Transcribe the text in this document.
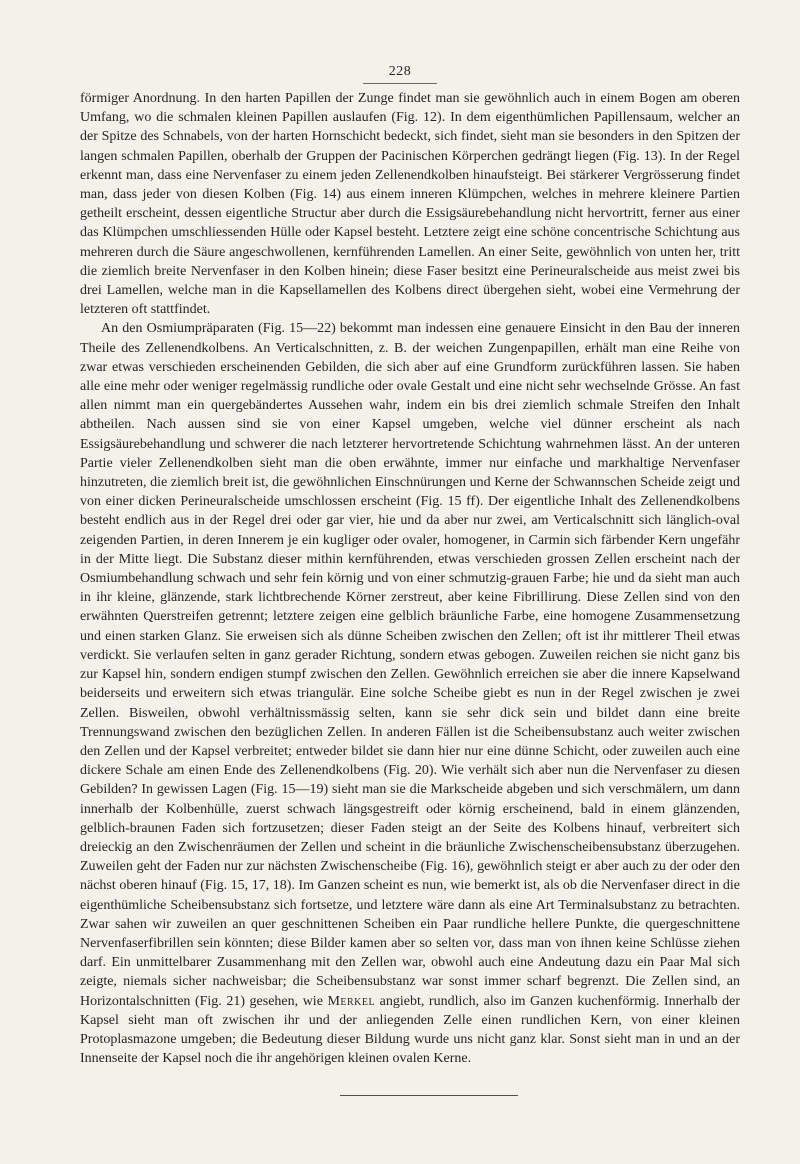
228

förmiger Anordnung. In den harten Papillen der Zunge findet man sie gewöhnlich auch in einem Bogen am oberen Umfang, wo die schmalen kleinen Papillen auslaufen (Fig. 12). In dem eigenthümlichen Papillensaum, welcher an der Spitze des Schnabels, von der harten Hornschicht bedeckt, sich findet, sieht man sie besonders in den Spitzen der langen schmalen Papillen, oberhalb der Gruppen der Pacinischen Körperchen gedrängt liegen (Fig. 13). In der Regel erkennt man, dass eine Nervenfaser zu einem jeden Zellenendkolben hinaufsteigt. Bei stärkerer Vergrösserung findet man, dass jeder von diesen Kolben (Fig. 14) aus einem inneren Klümpchen, welches in mehrere kleinere Partien getheilt erscheint, dessen eigentliche Structur aber durch die Essigsäurebehandlung nicht hervortritt, ferner aus einer das Klümpchen umschliessenden Hülle oder Kapsel besteht. Letztere zeigt eine schöne concentrische Schichtung aus mehreren durch die Säure angeschwollenen, kernführenden Lamellen. An einer Seite, gewöhnlich von unten her, tritt die ziemlich breite Nervenfaser in den Kolben hinein; diese Faser besitzt eine Perineuralscheide aus meist zwei bis drei Lamellen, welche man in die Kapsellamellen des Kolbens direct übergehen sieht, wobei eine Vermehrung der letzteren oft stattfindet.

An den Osmiumpräparaten (Fig. 15—22) bekommt man indessen eine genauere Einsicht in den Bau der inneren Theile des Zellenendkolbens. An Verticalschnitten, z. B. der weichen Zungenpapillen, erhält man eine Reihe von zwar etwas verschieden erscheinenden Gebilden, die sich aber auf eine Grundform zurückführen lassen. Sie haben alle eine mehr oder weniger regelmässig rundliche oder ovale Gestalt und eine nicht sehr wechselnde Grösse. An fast allen nimmt man ein quergebändertes Aussehen wahr, indem ein bis drei ziemlich schmale Streifen den Inhalt abtheilen. Nach aussen sind sie von einer Kapsel umgeben, welche viel dünner erscheint als nach Essigsäurebehandlung und schwerer die nach letzterer hervortretende Schichtung wahrnehmen lässt. An der unteren Partie vieler Zellenendkolben sieht man die oben erwähnte, immer nur einfache und markhaltige Nervenfaser hinzutreten, die ziemlich breit ist, die gewöhnlichen Einschnürungen und Kerne der Schwannschen Scheide zeigt und von einer dicken Perineuralscheide umschlossen erscheint (Fig. 15 ff). Der eigentliche Inhalt des Zellenendkolbens besteht endlich aus in der Regel drei oder gar vier, hie und da aber nur zwei, am Verticalschnitt sich länglich-oval zeigenden Partien, in deren Innerem je ein kugliger oder ovaler, homogener, in Carmin sich färbender Kern ungefähr in der Mitte liegt. Die Substanz dieser mithin kernführenden, etwas verschieden grossen Zellen erscheint nach der Osmiumbehandlung schwach und sehr fein körnig und von einer schmutzig-grauen Farbe; hie und da sieht man auch in ihr kleine, glänzende, stark lichtbrechende Körner zerstreut, aber keine Fibrillirung. Diese Zellen sind von den erwähnten Querstreifen getrennt; letztere zeigen eine gelblich bräunliche Farbe, eine homogene Zusammensetzung und einen starken Glanz. Sie erweisen sich als dünne Scheiben zwischen den Zellen; oft ist ihr mittlerer Theil etwas verdickt. Sie verlaufen selten in ganz gerader Richtung, sondern etwas gebogen. Zuweilen reichen sie nicht ganz bis zur Kapsel hin, sondern endigen stumpf zwischen den Zellen. Gewöhnlich erreichen sie aber die innere Kapselwand beiderseits und erweitern sich etwas triangulär. Eine solche Scheibe giebt es nun in der Regel zwischen je zwei Zellen. Bisweilen, obwohl verhältnissmässig selten, kann sie sehr dick sein und bildet dann eine breite Trennungswand zwischen den bezüglichen Zellen. In anderen Fällen ist die Scheibensubstanz auch weiter zwischen den Zellen und der Kapsel verbreitet; entweder bildet sie dann hier nur eine dünne Schicht, oder zuweilen auch eine dickere Schale am einen Ende des Zellenendkolbens (Fig. 20). Wie verhält sich aber nun die Nervenfaser zu diesen Gebilden? In gewissen Lagen (Fig. 15—19) sieht man sie die Markscheide abgeben und sich verschmälern, um dann innerhalb der Kolbenhülle, zuerst schwach längsgestreift oder körnig erscheinend, bald in einem glänzenden, gelblich-braunen Faden sich fortzusetzen; dieser Faden steigt an der Seite des Kolbens hinauf, verbreitert sich dreieckig an den Zwischenräumen der Zellen und scheint in die bräunliche Zwischenscheibensubstanz überzugehen. Zuweilen geht der Faden nur zur nächsten Zwischenscheibe (Fig. 16), gewöhnlich steigt er aber auch zu der oder den nächst oberen hinauf (Fig. 15, 17, 18). Im Ganzen scheint es nun, wie bemerkt ist, als ob die Nervenfaser direct in die eigenthümliche Scheibensubstanz sich fortsetze, und letztere wäre dann als eine Art Terminalsubstanz zu betrachten. Zwar sahen wir zuweilen an quer geschnittenen Scheiben ein Paar rundliche hellere Punkte, die quergeschnittene Nervenfaserfibrillen sein könnten; diese Bilder kamen aber so selten vor, dass man von ihnen keine Schlüsse ziehen darf. Ein unmittelbarer Zusammenhang mit den Zellen war, obwohl auch eine Andeutung dazu ein Paar Mal sich zeigte, niemals sicher nachweisbar; die Scheibensubstanz war sonst immer scharf begrenzt. Die Zellen sind, an Horizontalschnitten (Fig. 21) gesehen, wie Merkel angiebt, rundlich, also im Ganzen kuchenförmig. Innerhalb der Kapsel sieht man oft zwischen ihr und der anliegenden Zelle einen rundlichen Kern, von einer kleinen Protoplasmazone umgeben; die Bedeutung dieser Bildung wurde uns nicht ganz klar. Sonst sieht man in und an der Innenseite der Kapsel noch die ihr angehörigen kleinen ovalen Kerne.
